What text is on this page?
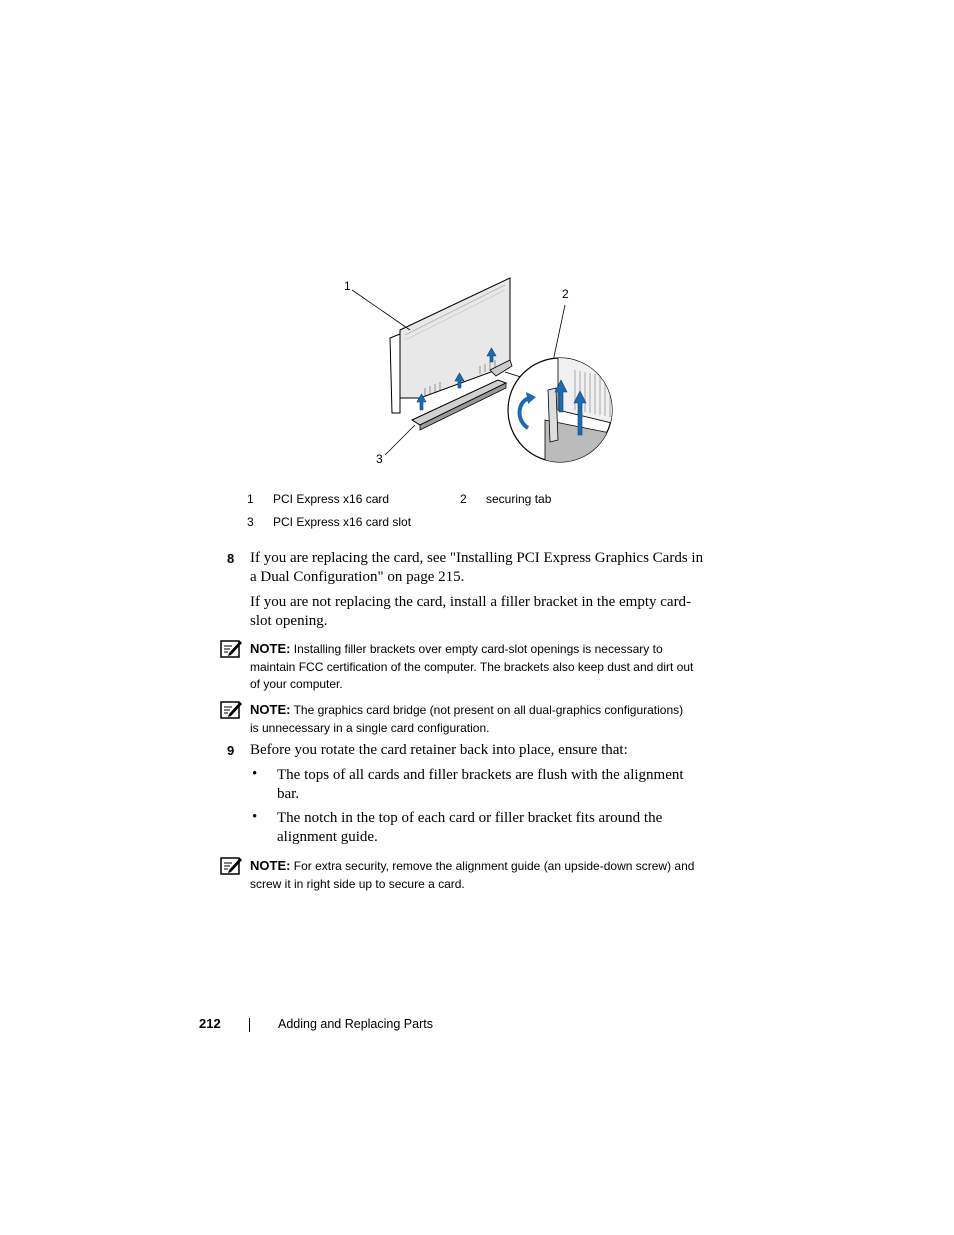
1
2
3
1 PCI Express x16 card	2 securing tab
3 PCI Express x16 card slot
8 If you are replacing the card, see "Installing PCI Express Graphics Cards in
a Dual Configuration" on page 215.
If you are not replacing the card, install a filler bracket in the empty card-
slot opening.
NOTE: Installing filler brackets over empty card-slot openings is necessary to
maintain FCC certification of the computer. The brackets also keep dust and dirt out
of your computer.
NOTE: The graphics card bridge (not present on all dual-graphics configurations)
is unnecessary in a single card configuration.
9 Before you rotate the card retainer back into place, ensure that:
• The tops of all cards and filler brackets are flush with the alignment
bar.
• The notch in the top of each card or filler bracket fits around the
alignment guide.
NOTE: For extra security, remove the alignment guide (an upside-down screw) and
screw it in right side up to secure a card.
212	Adding and Replacing Parts
